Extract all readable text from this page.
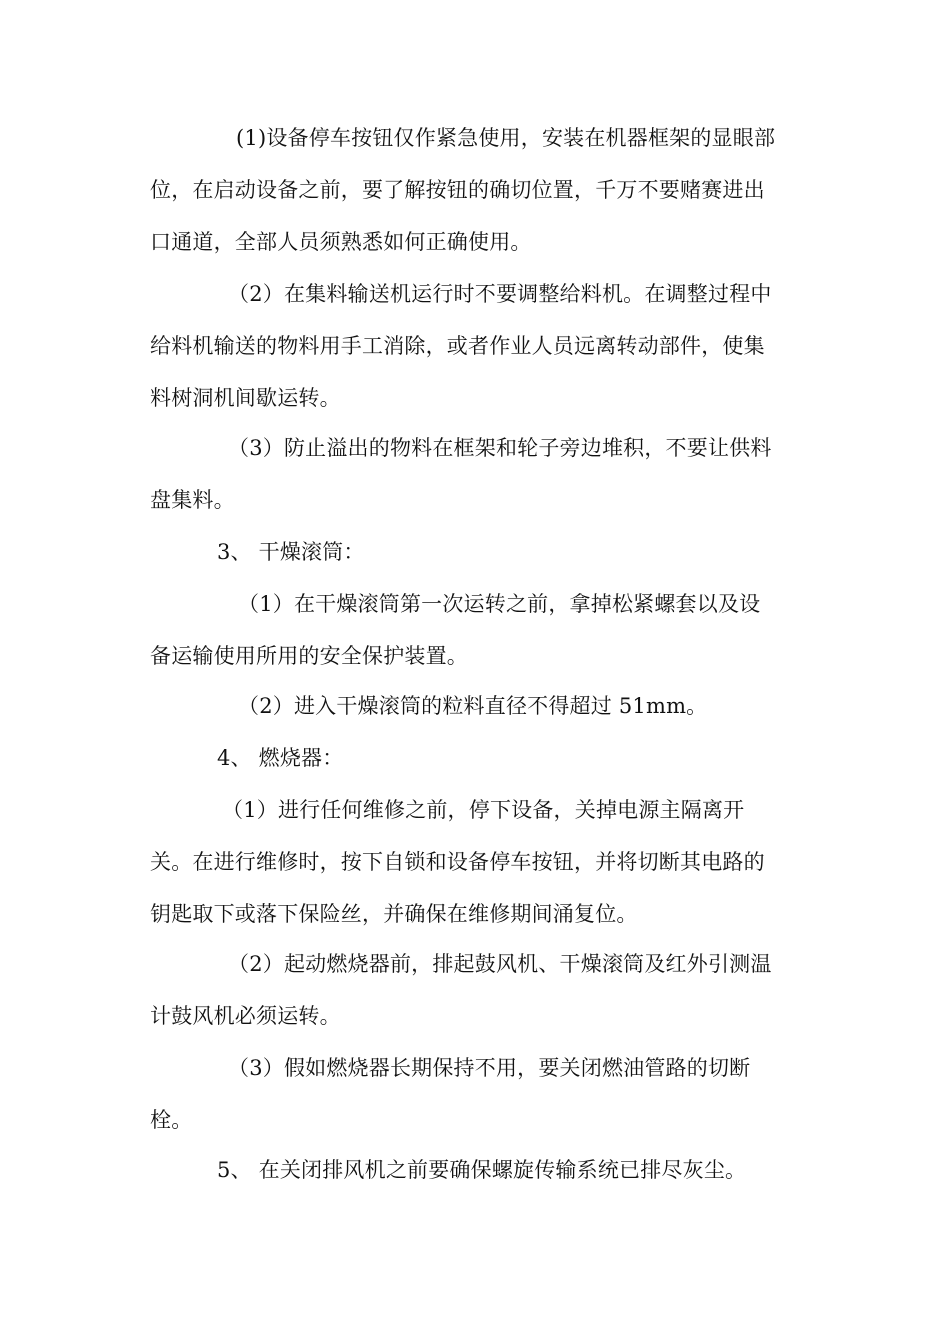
(1)设备停车按钮仅作紧急使用，安装在机器框架的显眼部
位，在启动设备之前，要了解按钮的确切位置，千万不要赌赛进出
口通道，全部人员须熟悉如何正确使用。
（2）在集料输送机运行时不要调整给料机。在调整过程中
给料机输送的物料用手工消除，或者作业人员远离转动部件，使集
料树洞机间歇运转。
（3）防止溢出的物料在框架和轮子旁边堆积，不要让供料
盘集料。
3、 干燥滚筒：
（1）在干燥滚筒第一次运转之前，拿掉松紧螺套以及设
备运输使用所用的安全保护装置。
（2）进入干燥滚筒的粒料直径不得超过 51mm。
4、 燃烧器：
（1）进行任何维修之前，停下设备，关掉电源主隔离开
关。在进行维修时，按下自锁和设备停车按钮，并将切断其电路的
钥匙取下或落下保险丝，并确保在维修期间涌复位。
（2）起动燃烧器前，排起鼓风机、干燥滚筒及红外引测温
计鼓风机必须运转。
（3）假如燃烧器长期保持不用，要关闭燃油管路的切断
栓。
5、 在关闭排风机之前要确保螺旋传输系统已排尽灰尘。
